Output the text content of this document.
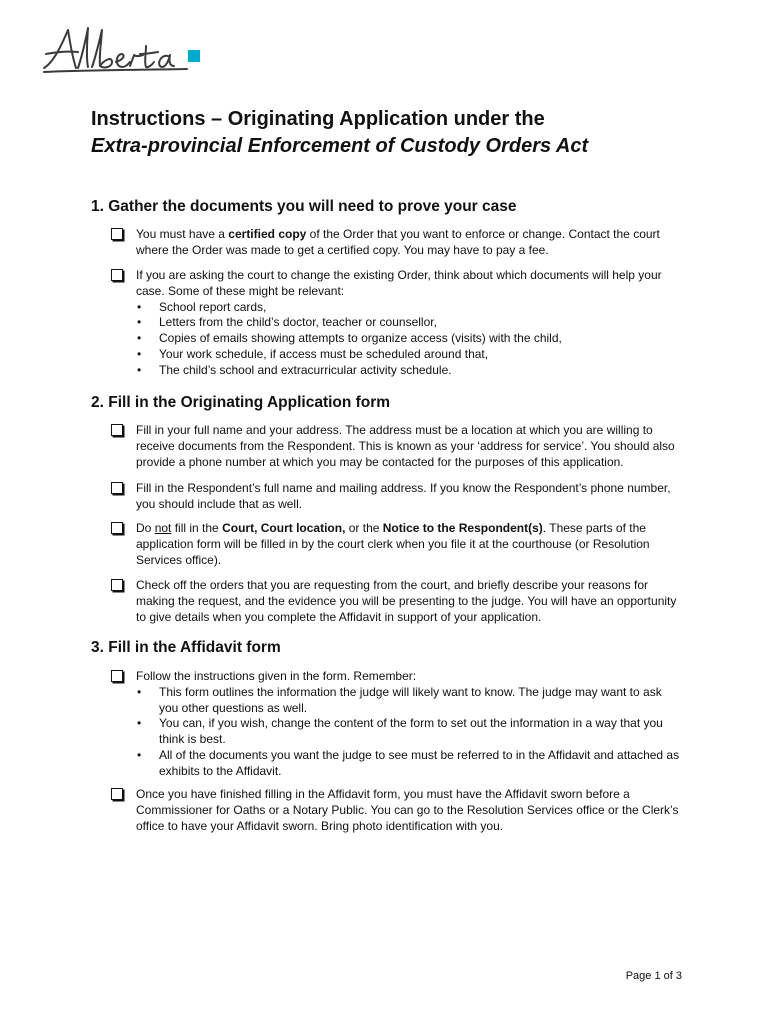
Instructions – Originating Application under the
Extra-provincial Enforcement of Custody Orders Act
1. Gather the documents you will need to prove your case
You must have a certified copy of the Order that you want to enforce or change. Contact the court where the Order was made to get a certified copy. You may have to pay a fee.
If you are asking the court to change the existing Order, think about which documents will help your case. Some of these might be relevant:
• School report cards,
• Letters from the child’s doctor, teacher or counsellor,
• Copies of emails showing attempts to organize access (visits) with the child,
• Your work schedule, if access must be scheduled around that,
• The child’s school and extracurricular activity schedule.
2. Fill in the Originating Application form
Fill in your full name and your address. The address must be a location at which you are willing to receive documents from the Respondent. This is known as your ‘address for service’. You should also provide a phone number at which you may be contacted for the purposes of this application.
Fill in the Respondent’s full name and mailing address. If you know the Respondent’s phone number, you should include that as well.
Do not fill in the Court, Court location, or the Notice to the Respondent(s). These parts of the application form will be filled in by the court clerk when you file it at the courthouse (or Resolution Services office).
Check off the orders that you are requesting from the court, and briefly describe your reasons for making the request, and the evidence you will be presenting to the judge. You will have an opportunity to give details when you complete the Affidavit in support of your application.
3. Fill in the Affidavit form
Follow the instructions given in the form. Remember:
• This form outlines the information the judge will likely want to know. The judge may want to ask you other questions as well.
• You can, if you wish, change the content of the form to set out the information in a way that you think is best.
• All of the documents you want the judge to see must be referred to in the Affidavit and attached as exhibits to the Affidavit.
Once you have finished filling in the Affidavit form, you must have the Affidavit sworn before a Commissioner for Oaths or a Notary Public. You can go to the Resolution Services office or the Clerk’s office to have your Affidavit sworn. Bring photo identification with you.
Page 1 of 3
